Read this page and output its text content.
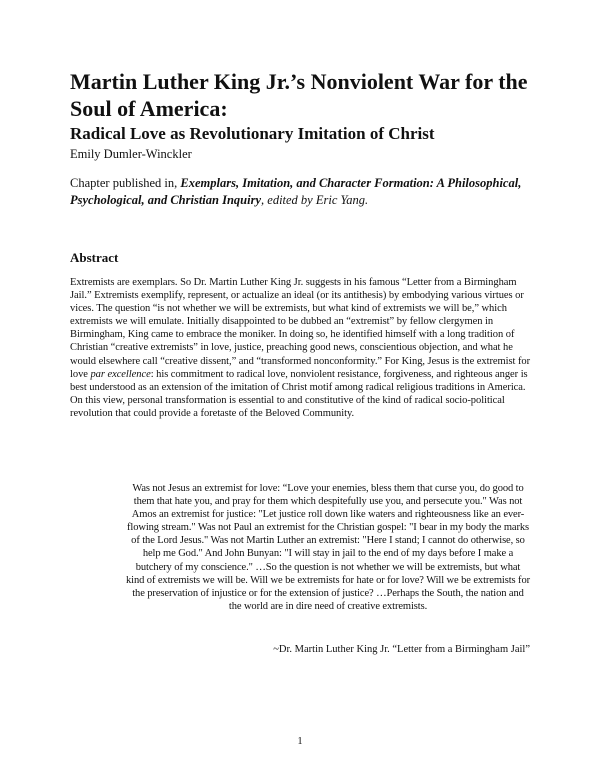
Martin Luther King Jr.’s Nonviolent War for the Soul of America:
Radical Love as Revolutionary Imitation of Christ
Emily Dumler-Winckler

Chapter published in, Exemplars, Imitation, and Character Formation: A Philosophical, Psychological, and Christian Inquiry, edited by Eric Yang.

Abstract

Extremists are exemplars. So Dr. Martin Luther King Jr. suggests in his famous “Letter from a Birmingham Jail.” Extremists exemplify, represent, or actualize an ideal (or its antithesis) by embodying various virtues or vices. The question “is not whether we will be extremists, but what kind of extremists we will be,” which extremists we will emulate. Initially disappointed to be dubbed an “extremist” by fellow clergymen in Birmingham, King came to embrace the moniker. In doing so, he identified himself with a long tradition of Christian “creative extremists” in love, justice, preaching good news, conscientious objection, and what he would elsewhere call “creative dissent,” and “transformed nonconformity.” For King, Jesus is the extremist for love par excellence: his commitment to radical love, nonviolent resistance, forgiveness, and righteous anger is best understood as an extension of the imitation of Christ motif among radical religious traditions in America. On this view, personal transformation is essential to and constitutive of the kind of radical socio-political revolution that could provide a foretaste of the Beloved Community.

Was not Jesus an extremist for love: “Love your enemies, bless them that curse you, do good to them that hate you, and pray for them which despitefully use you, and persecute you." Was not Amos an extremist for justice: "Let justice roll down like waters and righteousness like an ever-flowing stream." Was not Paul an extremist for the Christian gospel: "I bear in my body the marks of the Lord Jesus." Was not Martin Luther an extremist: "Here I stand; I cannot do otherwise, so help me God." And John Bunyan: "I will stay in jail to the end of my days before I make a butchery of my conscience." …So the question is not whether we will be extremists, but what kind of extremists we will be. Will we be extremists for hate or for love? Will we be extremists for the preservation of injustice or for the extension of justice? …Perhaps the South, the nation and the world are in dire need of creative extremists.

~Dr. Martin Luther King Jr. “Letter from a Birmingham Jail”
1
